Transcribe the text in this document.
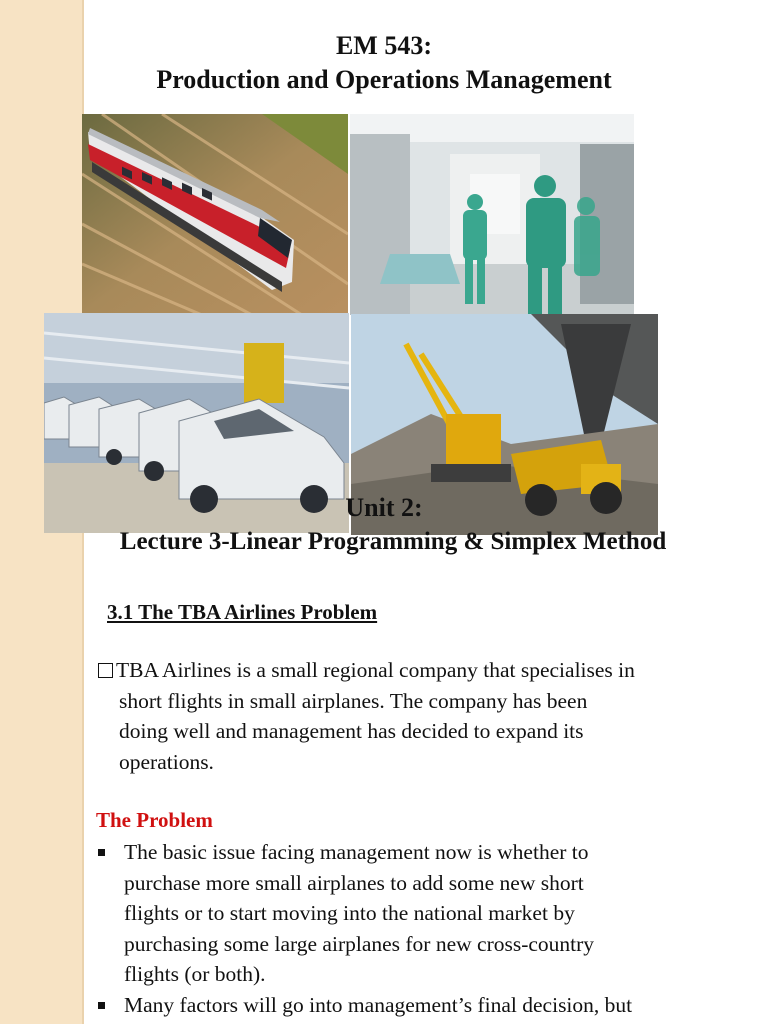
EM 543:
Production and Operations Management
Unit 2:
Lecture 3-Linear Programming & Simplex Method
3.1 The TBA Airlines Problem
TBA Airlines is a small regional company that specialises in
short flights in small airplanes. The company has been
doing well and management has decided to expand its
operations.
The Problem
The basic issue facing management now is whether to
purchase more small airplanes to add some new short
flights or to start moving into the national market by
purchasing some large airplanes for new cross-country
flights (or both).
Many factors will go into management’s final decision, but
